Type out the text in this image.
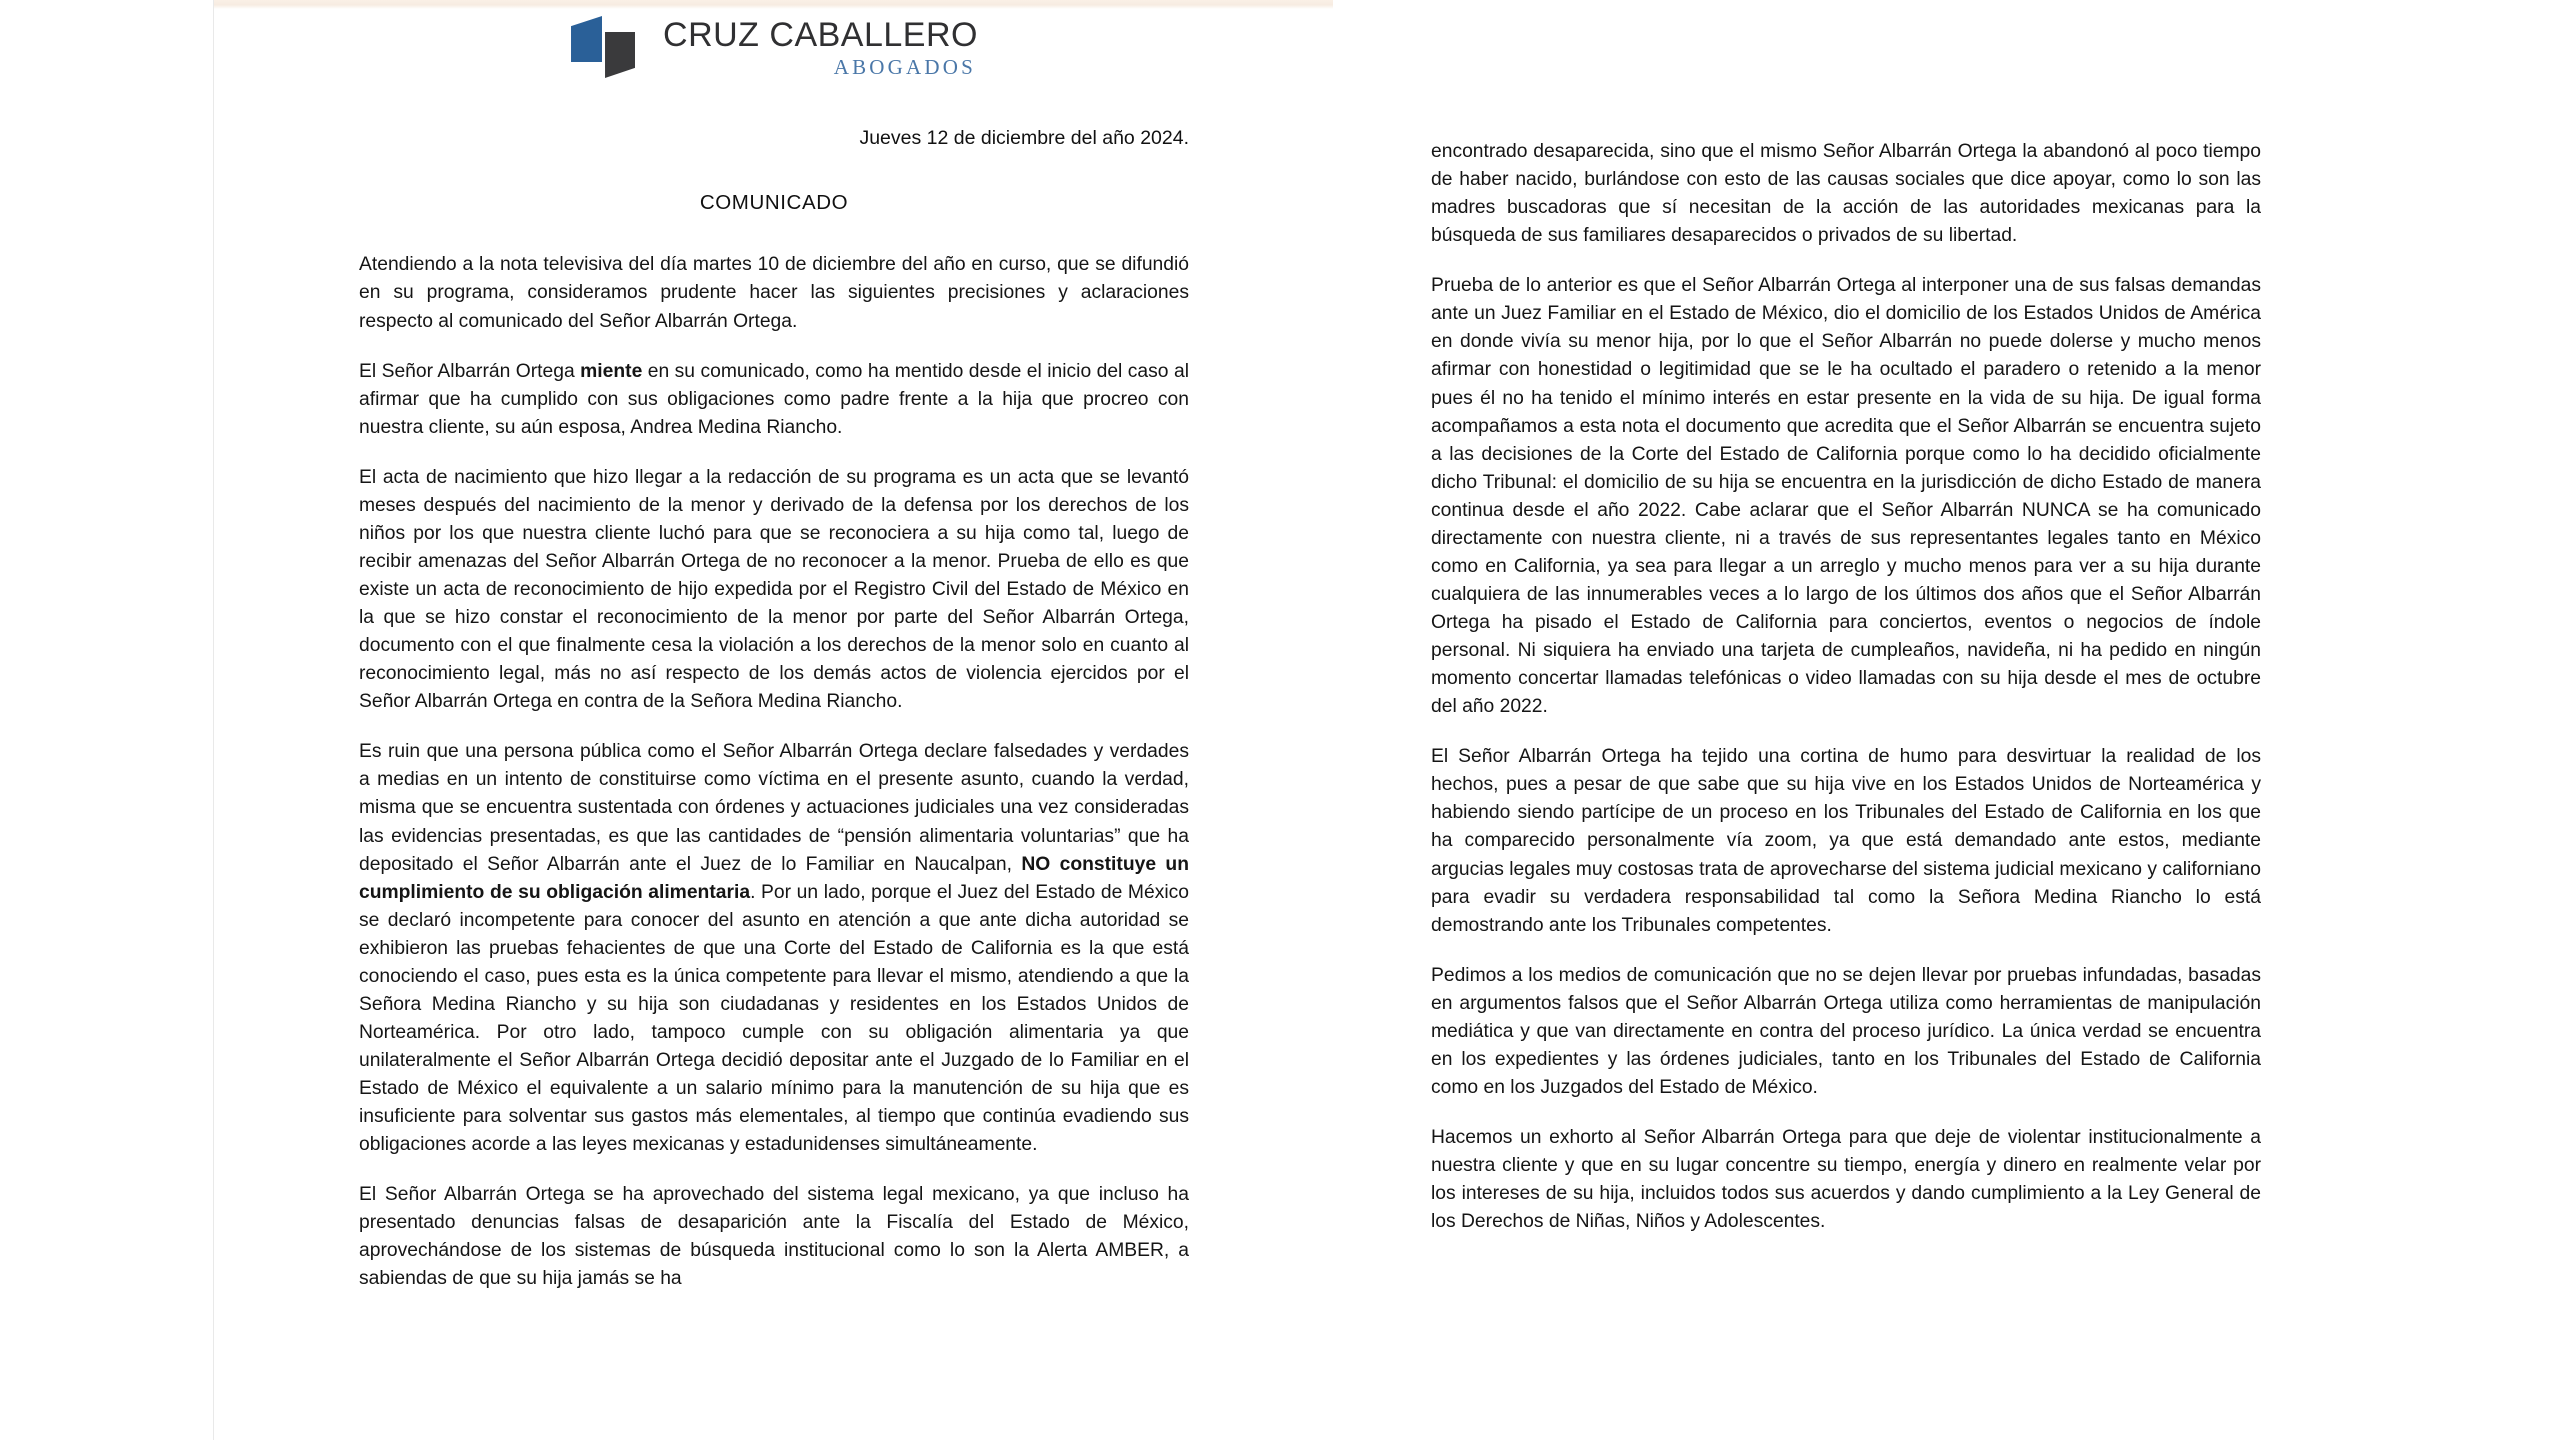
CRUZ CABALLERO
ABOGADOS
Jueves 12 de diciembre del año 2024.
COMUNICADO

Atendiendo a la nota televisiva del día martes 10 de diciembre del año en curso, que se difundió en su programa, consideramos prudente hacer las siguientes precisiones y aclaraciones respecto al comunicado del Señor Albarrán Ortega.

El Señor Albarrán Ortega miente en su comunicado, como ha mentido desde el inicio del caso al afirmar que ha cumplido con sus obligaciones como padre frente a la hija que procreo con nuestra cliente, su aún esposa, Andrea Medina Riancho.

El acta de nacimiento que hizo llegar a la redacción de su programa es un acta que se levantó meses después del nacimiento de la menor y derivado de la defensa por los derechos de los niños por los que nuestra cliente luchó para que se reconociera a su hija como tal, luego de recibir amenazas del Señor Albarrán Ortega de no reconocer a la menor. Prueba de ello es que existe un acta de reconocimiento de hijo expedida por el Registro Civil del Estado de México en la que se hizo constar el reconocimiento de la menor por parte del Señor Albarrán Ortega, documento con el que finalmente cesa la violación a los derechos de la menor solo en cuanto al reconocimiento legal, más no así respecto de los demás actos de violencia ejercidos por el Señor Albarrán Ortega en contra de la Señora Medina Riancho.

Es ruin que una persona pública como el Señor Albarrán Ortega declare falsedades y verdades a medias en un intento de constituirse como víctima en el presente asunto, cuando la verdad, misma que se encuentra sustentada con órdenes y actuaciones judiciales una vez consideradas las evidencias presentadas, es que las cantidades de “pensión alimentaria voluntarias” que ha depositado el Señor Albarrán ante el Juez de lo Familiar en Naucalpan, NO constituye un cumplimiento de su obligación alimentaria. Por un lado, porque el Juez del Estado de México se declaró incompetente para conocer del asunto en atención a que ante dicha autoridad se exhibieron las pruebas fehacientes de que una Corte del Estado de California es la que está conociendo el caso, pues esta es la única competente para llevar el mismo, atendiendo a que la Señora Medina Riancho y su hija son ciudadanas y residentes en los Estados Unidos de Norteamérica. Por otro lado, tampoco cumple con su obligación alimentaria ya que unilateralmente el Señor Albarrán Ortega decidió depositar ante el Juzgado de lo Familiar en el Estado de México el equivalente a un salario mínimo para la manutención de su hija que es insuficiente para solventar sus gastos más elementales, al tiempo que continúa evadiendo sus obligaciones acorde a las leyes mexicanas y estadunidenses simultáneamente.

El Señor Albarrán Ortega se ha aprovechado del sistema legal mexicano, ya que incluso ha presentado denuncias falsas de desaparición ante la Fiscalía del Estado de México, aprovechándose de los sistemas de búsqueda institucional como lo son la Alerta AMBER, a sabiendas de que su hija jamás se ha

encontrado desaparecida, sino que el mismo Señor Albarrán Ortega la abandonó al poco tiempo de haber nacido, burlándose con esto de las causas sociales que dice apoyar, como lo son las madres buscadoras que sí necesitan de la acción de las autoridades mexicanas para la búsqueda de sus familiares desaparecidos o privados de su libertad.

Prueba de lo anterior es que el Señor Albarrán Ortega al interponer una de sus falsas demandas ante un Juez Familiar en el Estado de México, dio el domicilio de los Estados Unidos de América en donde vivía su menor hija, por lo que el Señor Albarrán no puede dolerse y mucho menos afirmar con honestidad o legitimidad que se le ha ocultado el paradero o retenido a la menor pues él no ha tenido el mínimo interés en estar presente en la vida de su hija. De igual forma acompañamos a esta nota el documento que acredita que el Señor Albarrán se encuentra sujeto a las decisiones de la Corte del Estado de California porque como lo ha decidido oficialmente dicho Tribunal: el domicilio de su hija se encuentra en la jurisdicción de dicho Estado de manera continua desde el año 2022. Cabe aclarar que el Señor Albarrán NUNCA se ha comunicado directamente con nuestra cliente, ni a través de sus representantes legales tanto en México como en California, ya sea para llegar a un arreglo y mucho menos para ver a su hija durante cualquiera de las innumerables veces a lo largo de los últimos dos años que el Señor Albarrán Ortega ha pisado el Estado de California para conciertos, eventos o negocios de índole personal. Ni siquiera ha enviado una tarjeta de cumpleaños, navideña, ni ha pedido en ningún momento concertar llamadas telefónicas o video llamadas con su hija desde el mes de octubre del año 2022.

El Señor Albarrán Ortega ha tejido una cortina de humo para desvirtuar la realidad de los hechos, pues a pesar de que sabe que su hija vive en los Estados Unidos de Norteamérica y habiendo siendo partícipe de un proceso en los Tribunales del Estado de California en los que ha comparecido personalmente vía zoom, ya que está demandado ante estos, mediante argucias legales muy costosas trata de aprovecharse del sistema judicial mexicano y californiano para evadir su verdadera responsabilidad tal como la Señora Medina Riancho lo está demostrando ante los Tribunales competentes.

Pedimos a los medios de comunicación que no se dejen llevar por pruebas infundadas, basadas en argumentos falsos que el Señor Albarrán Ortega utiliza como herramientas de manipulación mediática y que van directamente en contra del proceso jurídico. La única verdad se encuentra en los expedientes y las órdenes judiciales, tanto en los Tribunales del Estado de California como en los Juzgados del Estado de México.

Hacemos un exhorto al Señor Albarrán Ortega para que deje de violentar institucionalmente a nuestra cliente y que en su lugar concentre su tiempo, energía y dinero en realmente velar por los intereses de su hija, incluidos todos sus acuerdos y dando cumplimiento a la Ley General de los Derechos de Niñas, Niños y Adolescentes.
